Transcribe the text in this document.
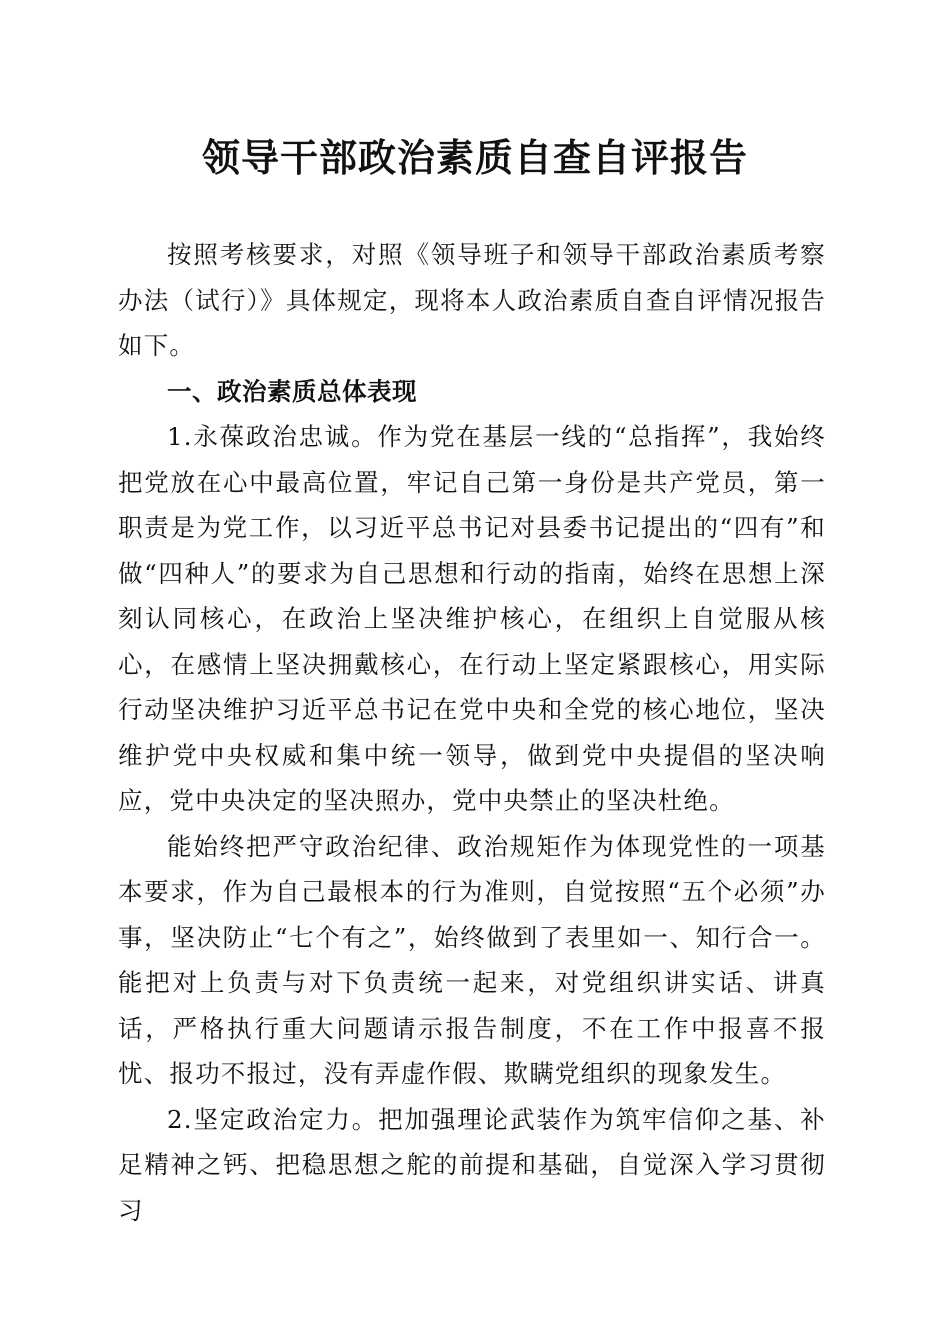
领导干部政治素质自查自评报告

按照考核要求，对照《领导班子和领导干部政治素质考察办法（试行）》具体规定，现将本人政治素质自查自评情况报告如下。

一、政治素质总体表现

1.永葆政治忠诚。作为党在基层一线的“总指挥”，我始终把党放在心中最高位置，牢记自己第一身份是共产党员，第一职责是为党工作，以习近平总书记对县委书记提出的“四有”和做“四种人”的要求为自己思想和行动的指南，始终在思想上深刻认同核心，在政治上坚决维护核心，在组织上自觉服从核心，在感情上坚决拥戴核心，在行动上坚定紧跟核心，用实际行动坚决维护习近平总书记在党中央和全党的核心地位，坚决维护党中央权威和集中统一领导，做到党中央提倡的坚决响应，党中央决定的坚决照办，党中央禁止的坚决杜绝。

能始终把严守政治纪律、政治规矩作为体现党性的一项基本要求，作为自己最根本的行为准则，自觉按照“五个必须”办事，坚决防止“七个有之”，始终做到了表里如一、知行合一。能把对上负责与对下负责统一起来，对党组织讲实话、讲真话，严格执行重大问题请示报告制度，不在工作中报喜不报忧、报功不报过，没有弄虚作假、欺瞒党组织的现象发生。

2.坚定政治定力。把加强理论武装作为筑牢信仰之基、补足精神之钙、把稳思想之舵的前提和基础，自觉深入学习贯彻习
